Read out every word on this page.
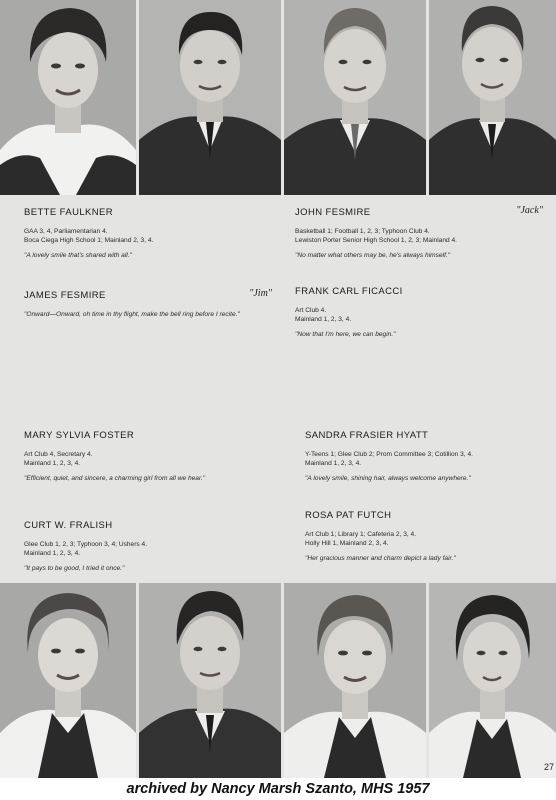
BETTE FAULKNER
GAA 3, 4, Parliamentarian 4.
Boca Ciega High School 1; Mainland 2, 3, 4.
"A lovely smile that's shared with all."
JOHN FESMIRE	"Jack"
Basketball 1; Football 1, 2, 3; Typhoon Club 4.
Lewiston Porter Senior High School 1, 2, 3; Mainland 4.
"No matter what others may be, he's always himself."
JAMES FESMIRE	"Jim"
"Onward—Onward, oh time in thy flight, make the bell ring before I recite."
FRANK CARL FICACCI
Art Club 4.
Mainland 1, 2, 3, 4.
"Now that I'm here, we can begin."
MARY SYLVIA FOSTER
Art Club 4, Secretary 4.
Mainland 1, 2, 3, 4.
"Efficient, quiet, and sincere, a charming girl from all we hear."
SANDRA FRASIER HYATT
Y-Teens 1; Glee Club 2; Prom Committee 3; Cotillion 3, 4.
Mainland 1, 2, 3, 4.
"A lovely smile, shining hair, always welcome anywhere."
CURT W. FRALISH
Glee Club 1, 2, 3; Typhoon 3, 4; Ushers 4.
Mainland 1, 2, 3, 4.
"It pays to be good, I tried it once."
ROSA PAT FUTCH
Art Club 1; Library 1; Cafeteria 2, 3, 4.
Holly Hill 1, Mainland 2, 3, 4.
"Her gracious manner and charm depict a lady fair."
27
archived by Nancy Marsh Szanto, MHS 1957
